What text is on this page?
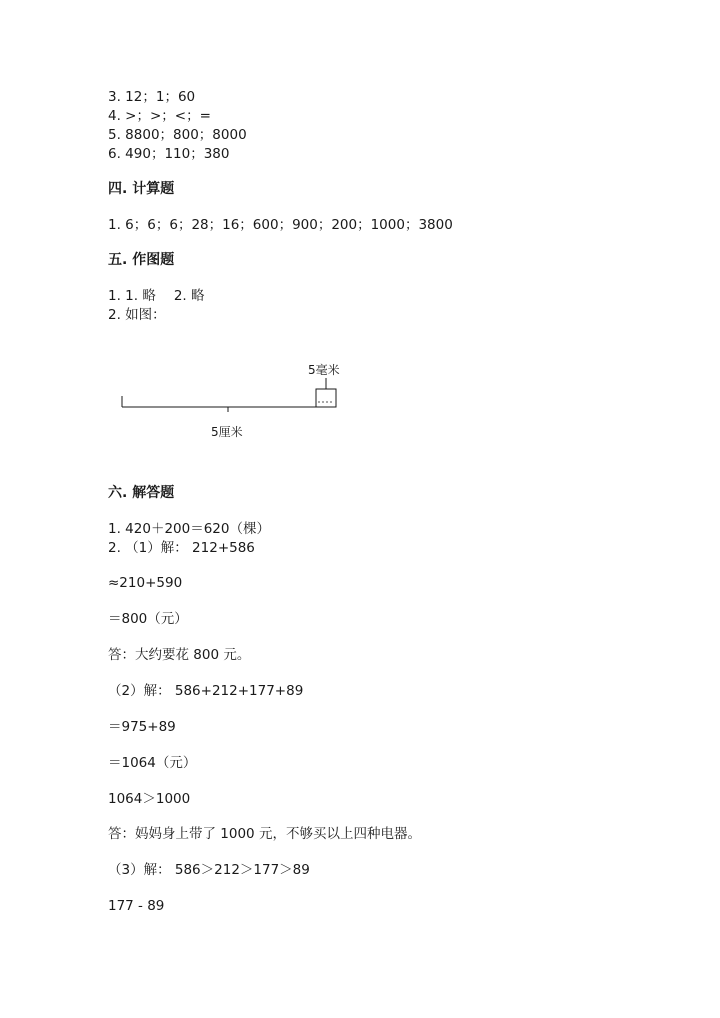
3. 12；1；60
4. >；>；<；=
5. 8800；800；8000
6. 490；110；380
四. 计算题
1. 6；6；6；28；16；600；900；200；1000；3800
五. 作图题
1. 1. 略 2. 略
2. 如图：
5毫米
5厘米
六. 解答题
1. 420＋200＝620（棵）
2. （1）解： 212+586
≈210+590
＝800（元）
答：大约要花 800 元。
（2）解： 586+212+177+89
＝975+89
＝1064（元）
1064＞1000
答：妈妈身上带了 1000 元，不够买以上四种电器。
（3）解： 586＞212＞177＞89
177 - 89
